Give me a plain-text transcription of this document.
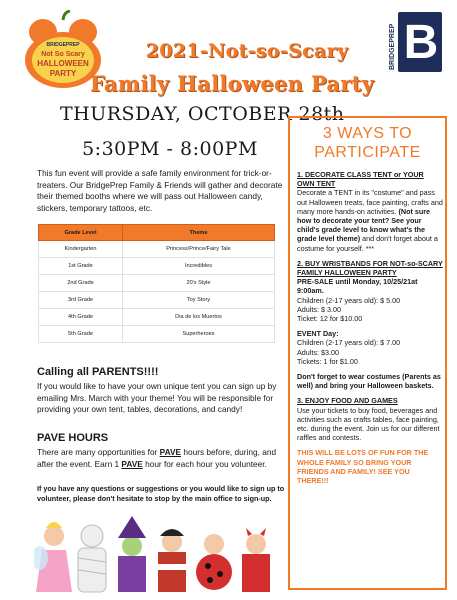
BRIDGEPREP
Not So Scary
HALLOWEEN
PARTY
B
BRIDGEPREP
2021-Not-so-Scary
Family Halloween Party
THURSDAY, OCTOBER 28th
5:30PM - 8:00PM
This fun event will provide a safe family environment for trick-or-treaters. Our BridgePrep Family & Friends will gather and decorate their themed booths where we will pass out Halloween candy, stickers, temporary tattoos, etc.
Grade Level	Theme
Kindergarten	Princess/Prince/Fairy Tale
1st Grade	Incredibles
2nd Grade	20's Style
3rd Grade	Toy Story
4th Grade	Dia de los Muertos
5th Grade	Superheroes
Calling all PARENTS!!!!
If you would like to have your own unique tent you can sign up by emailing Mrs. March with your theme! You will be responsible for providing your own tent, tables, decorations, and candy!
PAVE HOURS
There are many opportunities for PAVE hours before, during, and after the event. Earn 1 PAVE hour for each hour you volunteer.
If you have any questions or suggestions or you would like to sign up to volunteer, please don't hesitate to stop by the main office to sign-up.
3 WAYS TO PARTICIPATE

1. DECORATE CLASS TENT or YOUR OWN TENT
Decorate a TENT in its "costume" and pass out Halloween treats, face painting, crafts and many more hands-on activities. (Not sure how to decorate your tent? See your child's grade level to know what's the grade level theme) and don't forget about a costume for yourself. ***

2. BUY WRISTBANDS FOR NOT-so-SCARY FAMILY HALLOWEEN PARTY
PRE-SALE until Monday, 10/25/21at 9:00am.
Children (2-17 years old): $ 5.00
Adults: $ 3.00
Ticket: 12 for $10.00

EVENT Day:
Children (2-17 years old): $ 7.00
Adults: $3.00
Tickets: 1 for $1.00

Don't forget to wear costumes (Parents as well) and bring your Halloween baskets.

3. ENJOY FOOD AND GAMES
Use your tickets to buy food, beverages and activities such as crafts tables, face painting, etc. during the event. Join us for our different raffles and contests.

THIS WILL BE LOTS OF FUN FOR THE WHOLE FAMILY SO BRING YOUR FRIENDS AND FAMILY! SEE YOU THERE!!!
